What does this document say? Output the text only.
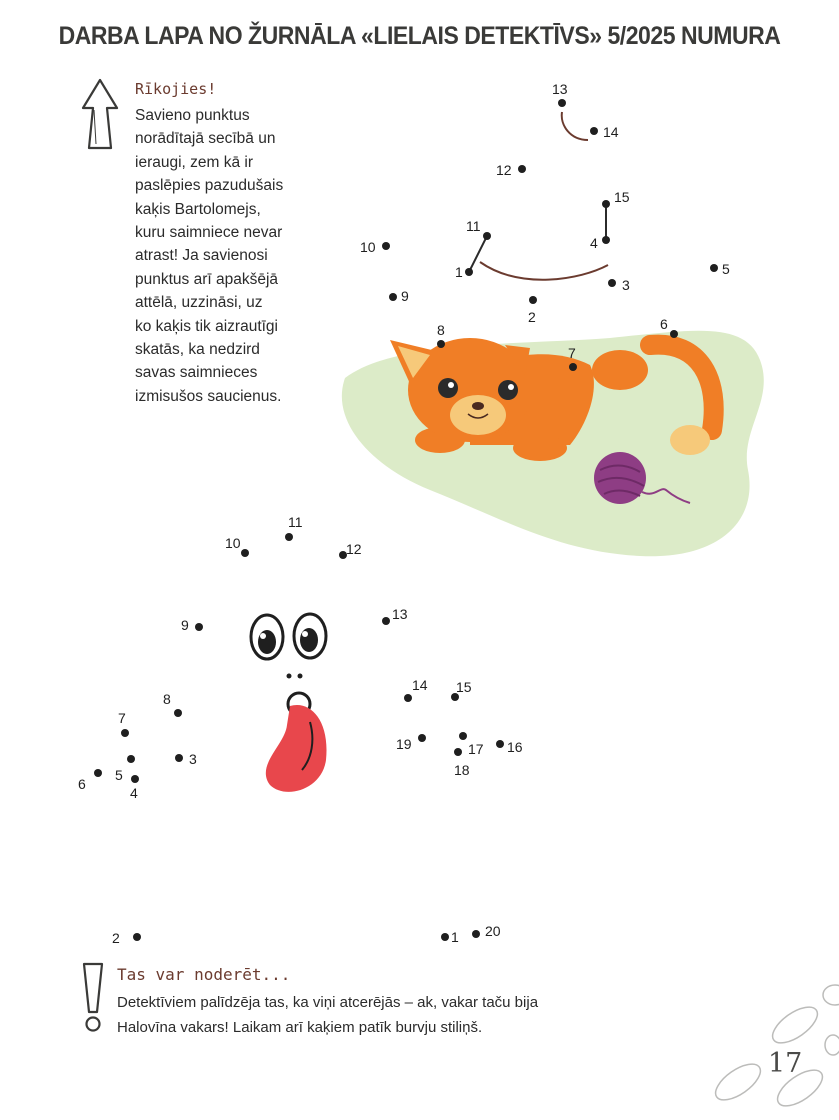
DARBA LAPA NO ŽURNĀLA «LIELAIS DETEKTĪVS» 5/2025 NUMURA
Rīkojies!
Savieno punktus
norādītajā secībā un
ieraugi, zem kā ir
paslēpies pazudušais
kaķis Bartolomejs,
kuru saimniece nevar
atrast! Ja savienosi
punktus arī apakšējā
attēlā, uzzināsi, uz
ko kaķis tik aizrautīgi
skatās, ka nedzird
savas saimnieces
izmisušos saucienus.
1
2
3
4
5
6
7
8
9
10
11
12
13
14
15
1
2
3
4
5
6
7
8
9
10
11
12
13
14 15
16
17
18
19
20
Tas var noderēt...
Detektīviem palīdzēja tas, ka viņi atcerējās – ak, vakar taču bija
Halovīna vakars! Laikam arī kaķiem patīk burvju stiliņš.
17
